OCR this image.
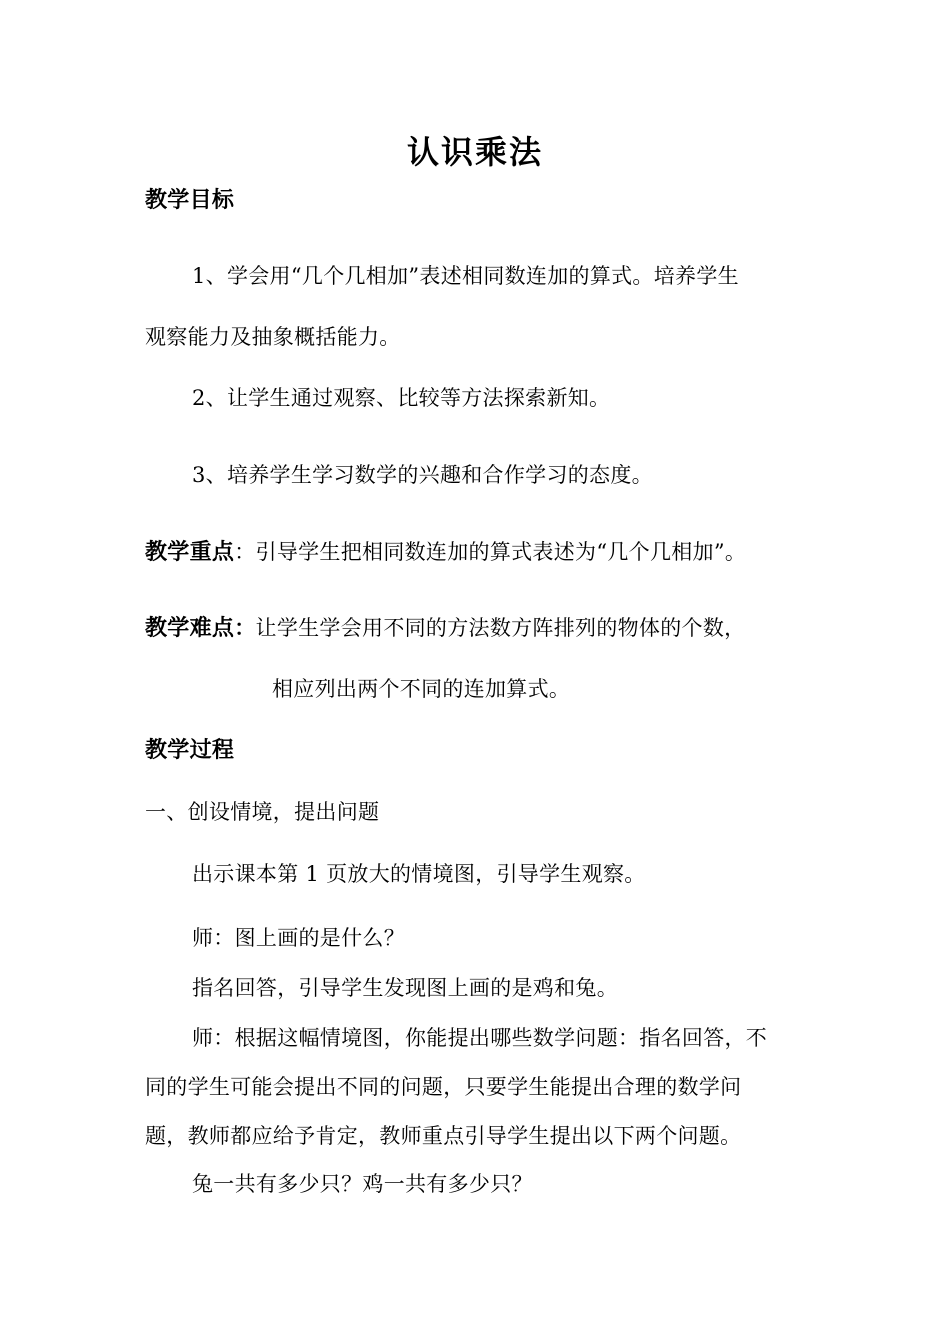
认识乘法
教学目标
1、学会用“几个几相加”表述相同数连加的算式。培养学生
观察能力及抽象概括能力。
2、让学生通过观察、比较等方法探索新知。
3、培养学生学习数学的兴趣和合作学习的态度。
教学重点：引导学生把相同数连加的算式表述为“几个几相加”。
教学难点：让学生学会用不同的方法数方阵排列的物体的个数，
相应列出两个不同的连加算式。
教学过程
一、创设情境，提出问题
出示课本第 1 页放大的情境图，引导学生观察。
师：图上画的是什么？
指名回答，引导学生发现图上画的是鸡和兔。
师：根据这幅情境图，你能提出哪些数学问题：指名回答，不
同的学生可能会提出不同的问题，只要学生能提出合理的数学问
题，教师都应给予肯定，教师重点引导学生提出以下两个问题。
兔一共有多少只？鸡一共有多少只？
